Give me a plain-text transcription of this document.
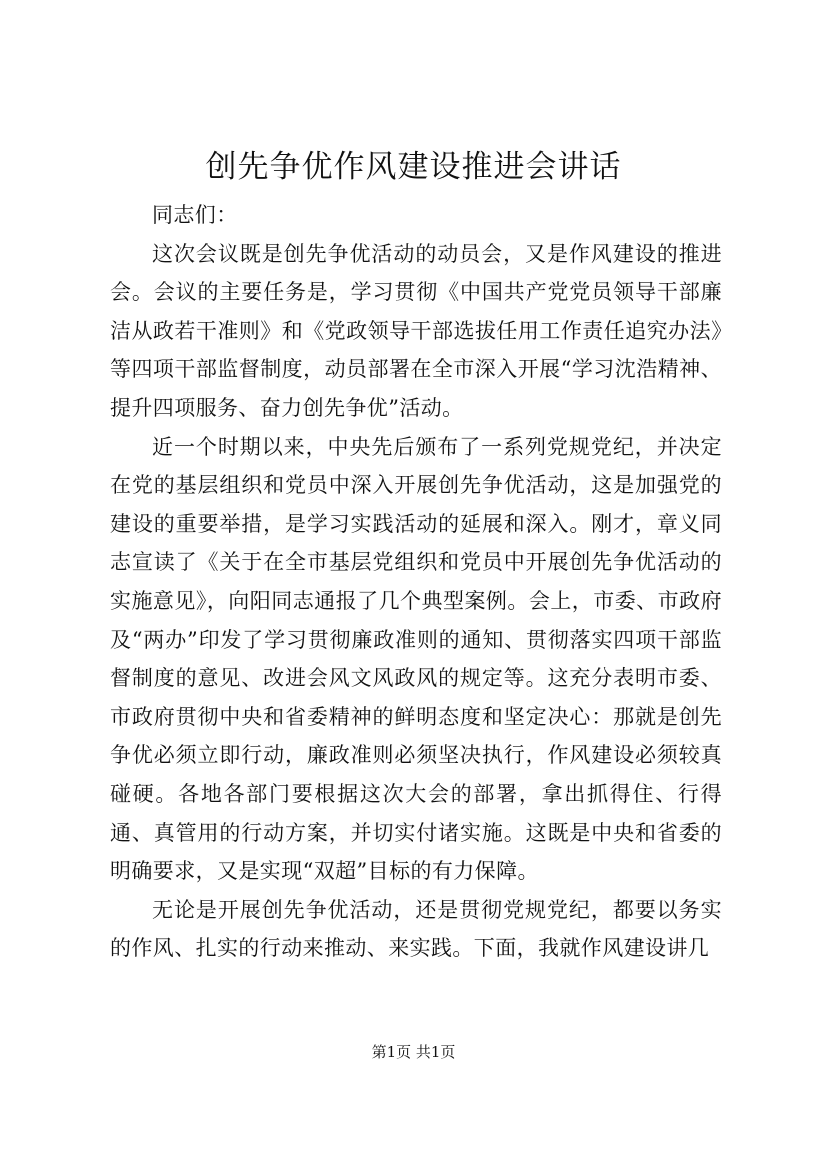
创先争优作风建设推进会讲话

同志们：

这次会议既是创先争优活动的动员会，又是作风建设的推进会。会议的主要任务是，学习贯彻《中国共产党党员领导干部廉洁从政若干准则》和《党政领导干部选拔任用工作责任追究办法》等四项干部监督制度，动员部署在全市深入开展“学习沈浩精神、提升四项服务、奋力创先争优”活动。

近一个时期以来，中央先后颁布了一系列党规党纪，并决定在党的基层组织和党员中深入开展创先争优活动，这是加强党的建设的重要举措，是学习实践活动的延展和深入。刚才，章义同志宣读了《关于在全市基层党组织和党员中开展创先争优活动的实施意见》，向阳同志通报了几个典型案例。会上，市委、市政府及“两办”印发了学习贯彻廉政准则的通知、贯彻落实四项干部监督制度的意见、改进会风文风政风的规定等。这充分表明市委、市政府贯彻中央和省委精神的鲜明态度和坚定决心：那就是创先争优必须立即行动，廉政准则必须坚决执行，作风建设必须较真碰硬。各地各部门要根据这次大会的部署，拿出抓得住、行得通、真管用的行动方案，并切实付诸实施。这既是中央和省委的明确要求，又是实现“双超”目标的有力保障。

无论是开展创先争优活动，还是贯彻党规党纪，都要以务实的作风、扎实的行动来推动、来实践。下面，我就作风建设讲几

第1页 共1页
